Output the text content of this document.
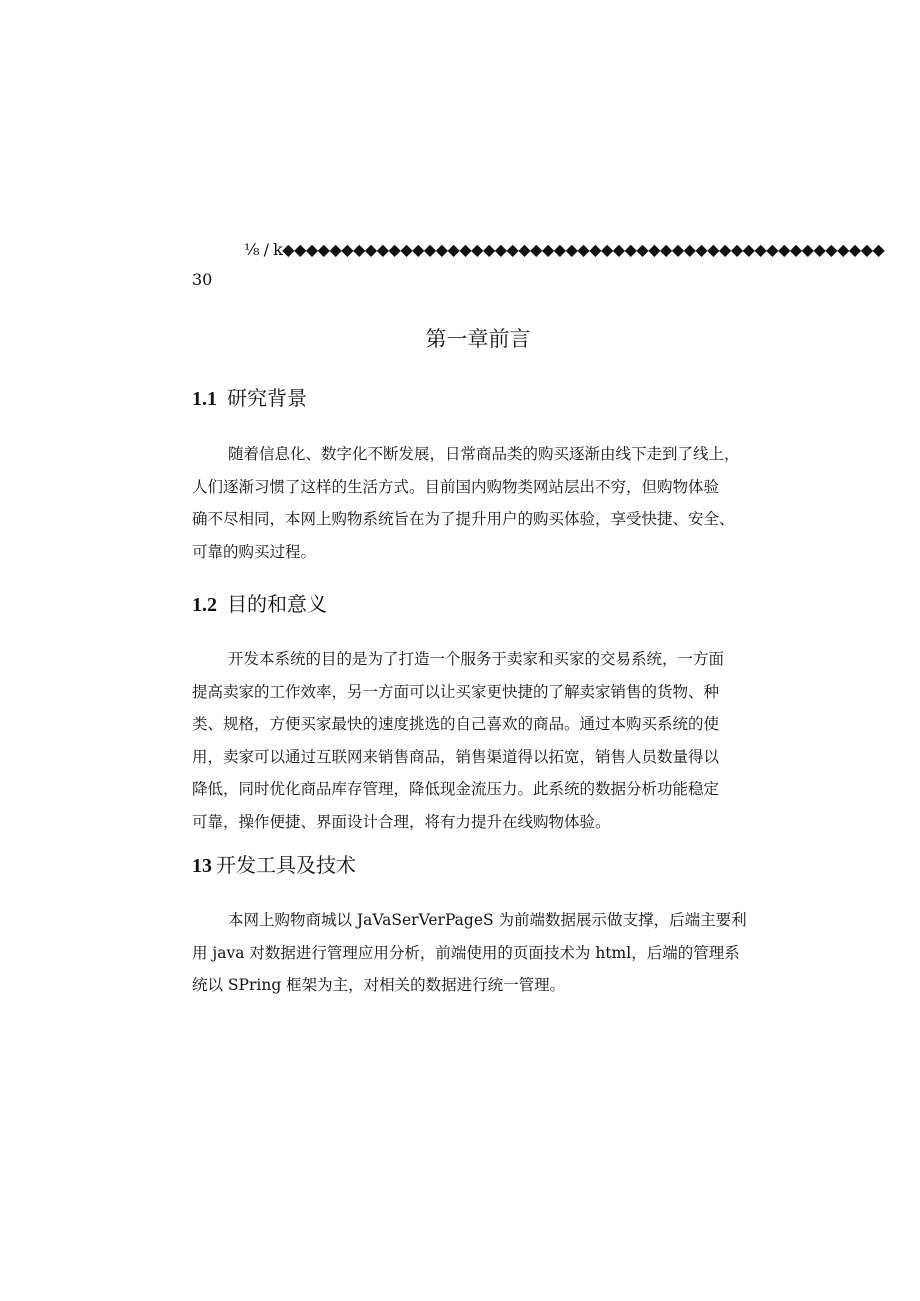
⅛ / k◆◆◆◆◆◆◆◆◆◆◆◆◆◆◆◆◆◆◆◆◆◆◆◆◆◆◆◆◆◆◆◆◆◆◆◆◆◆◆◆◆◆◆◆◆◆◆◆◆◆◆
30
第一章前言
1.1 研究背景
随着信息化、数字化不断发展，日常商品类的购买逐渐由线下走到了线上，
人们逐渐习惯了这样的生活方式。目前国内购物类网站层出不穷，但购物体验
确不尽相同，本网上购物系统旨在为了提升用户的购买体验，享受快捷、安全、
可靠的购买过程。
1.2 目的和意义
开发本系统的目的是为了打造一个服务于卖家和买家的交易系统，一方面
提高卖家的工作效率，另一方面可以让买家更快捷的了解卖家销售的货物、种
类、规格，方便买家最快的速度挑选的自己喜欢的商品。通过本购买系统的使
用，卖家可以通过互联网来销售商品，销售渠道得以拓宽，销售人员数量得以
降低，同时优化商品库存管理，降低现金流压力。此系统的数据分析功能稳定
可靠，操作便捷、界面设计合理，将有力提升在线购物体验。
13 开发工具及技术
本网上购物商城以 JaVaSerVerPageS 为前端数据展示做支撑，后端主要利
用 java 对数据进行管理应用分析，前端使用的页面技术为 html，后端的管理系
统以 SPring 框架为主，对相关的数据进行统一管理。
